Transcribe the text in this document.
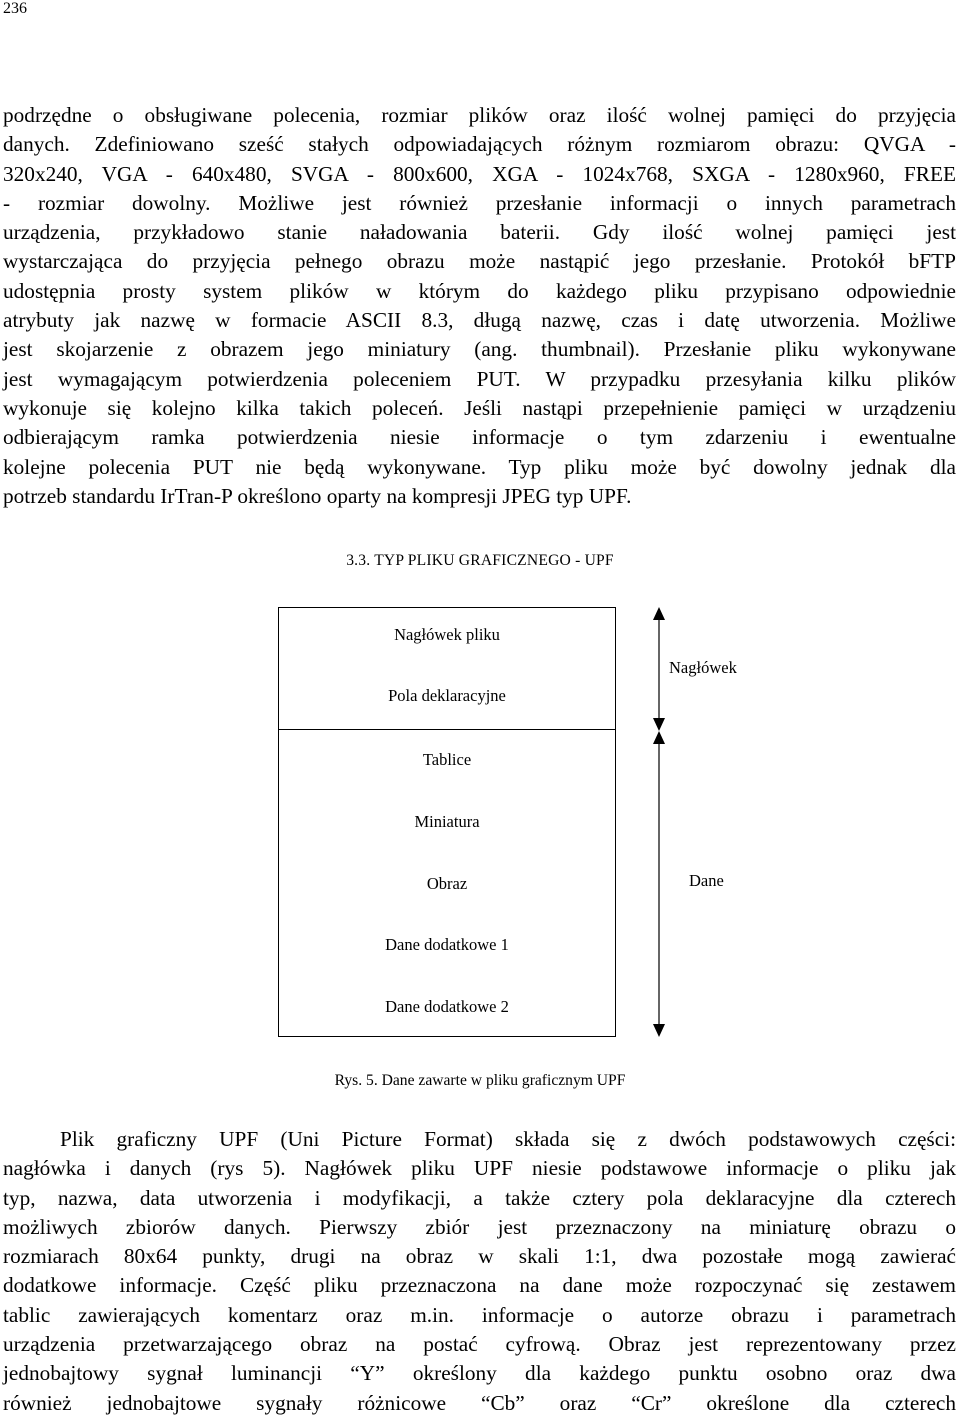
236
podrzędne o obsługiwane polecenia, rozmiar plików oraz ilość wolnej pamięci do przyjęcia
danych. Zdefiniowano sześć stałych odpowiadających różnym rozmiarom obrazu: QVGA -
320x240, VGA - 640x480, SVGA - 800x600, XGA - 1024x768, SXGA - 1280x960, FREE
- rozmiar dowolny. Możliwe jest również przesłanie informacji o innych parametrach
urządzenia, przykładowo stanie naładowania baterii. Gdy ilość wolnej pamięci jest
wystarczająca do przyjęcia pełnego obrazu może nastąpić jego przesłanie. Protokół bFTP
udostępnia prosty system plików w którym do każdego pliku przypisano odpowiednie
atrybuty jak nazwę w formacie ASCII 8.3, długą nazwę, czas i datę utworzenia. Możliwe
jest skojarzenie z obrazem jego miniatury (ang. thumbnail). Przesłanie pliku wykonywane
jest wymagającym potwierdzenia poleceniem PUT. W przypadku przesyłania kilku plików
wykonuje się kolejno kilka takich poleceń. Jeśli nastąpi przepełnienie pamięci w urządzeniu
odbierającym ramka potwierdzenia niesie informacje o tym zdarzeniu i ewentualne
kolejne polecenia PUT nie będą wykonywane. Typ pliku może być dowolny jednak dla
potrzeb standardu IrTran-P określono oparty na kompresji JPEG typ UPF.
3.3. TYP PLIKU GRAFICZNEGO - UPF
Nagłówek pliku
Pola deklaracyjne
Tablice
Miniatura
Obraz
Dane dodatkowe 1
Dane dodatkowe 2
Nagłówek
Dane
Rys. 5. Dane zawarte w pliku graficznym UPF
Plik graficzny UPF (Uni Picture Format) składa się z dwóch podstawowych części:
nagłówka i danych (rys 5). Nagłówek pliku UPF niesie podstawowe informacje o pliku jak
typ, nazwa, data utworzenia i modyfikacji, a także cztery pola deklaracyjne dla czterech
możliwych zbiorów danych. Pierwszy zbiór jest przeznaczony na miniaturę obrazu o
rozmiarach 80x64 punkty, drugi na obraz w skali 1:1, dwa pozostałe mogą zawierać
dodatkowe informacje. Część pliku przeznaczona na dane może rozpoczynać się zestawem
tablic zawierających komentarz oraz m.in. informacje o autorze obrazu i parametrach
urządzenia przetwarzającego obraz na postać cyfrową. Obraz jest reprezentowany przez
jednobajtowy sygnał luminancji “Y” określony dla każdego punktu osobno oraz dwa
również jednobajtowe sygnały różnicowe “Cb” oraz “Cr” określone dla czterech
